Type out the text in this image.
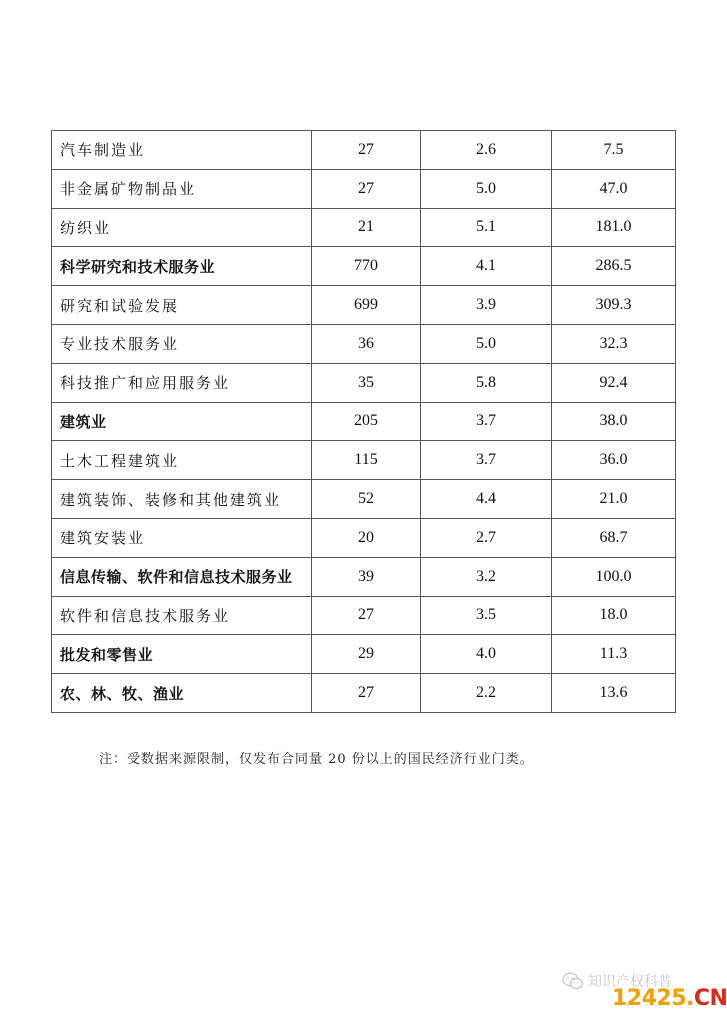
汽车制造业	27	2.6	7.5
非金属矿物制品业	27	5.0	47.0
纺织业	21	5.1	181.0
科学研究和技术服务业	770	4.1	286.5
研究和试验发展	699	3.9	309.3
专业技术服务业	36	5.0	32.3
科技推广和应用服务业	35	5.8	92.4
建筑业	205	3.7	38.0
土木工程建筑业	115	3.7	36.0
建筑装饰、装修和其他建筑业	52	4.4	21.0
建筑安装业	20	2.7	68.7
信息传输、软件和信息技术服务业	39	3.2	100.0
软件和信息技术服务业	27	3.5	18.0
批发和零售业	29	4.0	11.3
农、林、牧、渔业	27	2.2	13.6
注：受数据来源限制，仅发布合同量 20 份以上的国民经济行业门类。
知识产权科普
12425.CN
